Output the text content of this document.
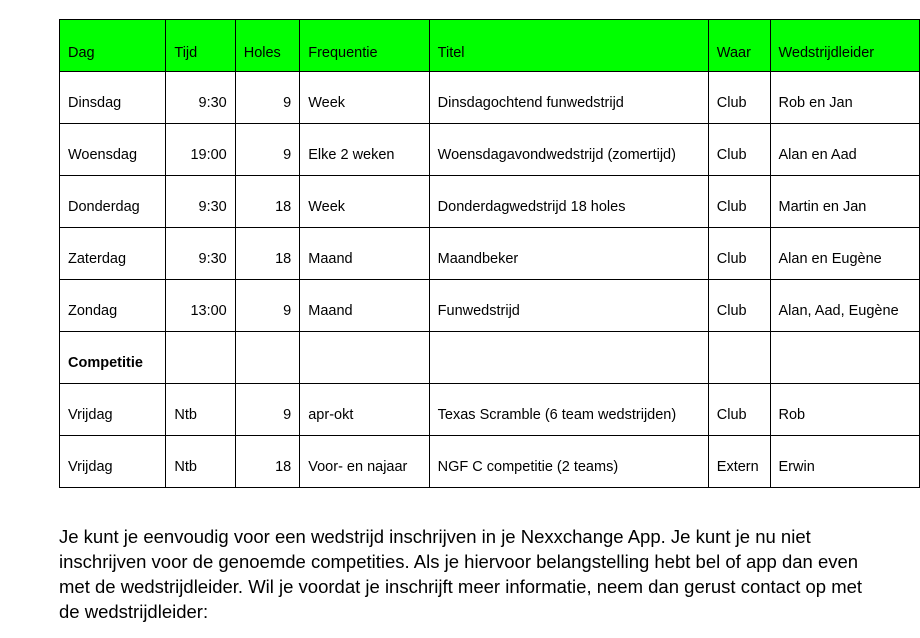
Dag	Tijd	Holes	Frequentie	Titel	Waar	Wedstrijdleider
Dinsdag	9:30	9	Week	Dinsdagochtend funwedstrijd	Club	Rob en Jan
Woensdag	19:00	9	Elke 2 weken	Woensdagavondwedstrijd (zomertijd)	Club	Alan en Aad
Donderdag	9:30	18	Week	Donderdagwedstrijd 18 holes	Club	Martin en Jan
Zaterdag	9:30	18	Maand	Maandbeker	Club	Alan en Eugène
Zondag	13:00	9	Maand	Funwedstrijd	Club	Alan, Aad, Eugène
Competitie						
Vrijdag	Ntb	9	apr-okt	Texas Scramble (6 team wedstrijden)	Club	Rob
Vrijdag	Ntb	18	Voor- en najaar	NGF C competitie (2 teams)	Extern	Erwin

Je kunt je eenvoudig voor een wedstrijd inschrijven in je Nexxchange App. Je kunt je nu niet inschrijven voor de genoemde competities. Als je hiervoor belangstelling hebt bel of app dan even met de wedstrijdleider. Wil je voordat je inschrijft meer informatie, neem dan gerust contact op met de wedstrijdleider:
